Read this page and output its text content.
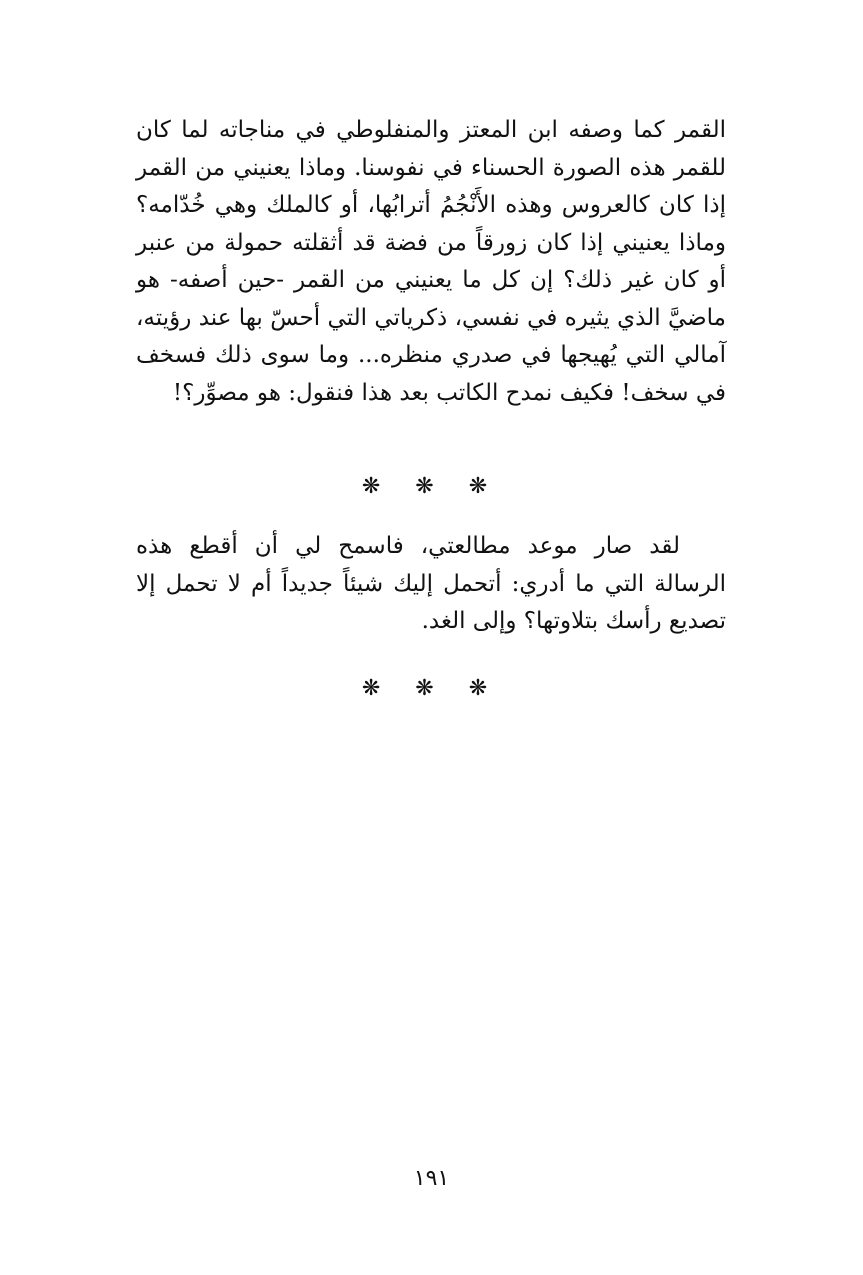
القمر كما وصفه ابن المعتز والمنفلوطي في مناجاته لما كان للقمر هذه الصورة الحسناء في نفوسنا. وماذا يعنيني من القمر إذا كان كالعروس وهذه الأَنْجُمُ أترابُها، أو كالملك وهي خُدّامه؟ وماذا يعنيني إذا كان زورقاً من فضة قد أثقلته حمولة من عنبر أو كان غير ذلك؟ إن كل ما يعنيني من القمر -حين أصفه- هو ماضيَّ الذي يثيره في نفسي، ذكرياتي التي أحسّ بها عند رؤيته، آمالي التي يُهيجها في صدري منظره... وما سوى ذلك فسخف في سخف! فكيف نمدح الكاتب بعد هذا فنقول: هو مصوِّر؟!

❋ ❋ ❋

لقد صار موعد مطالعتي، فاسمح لي أن أقطع هذه الرسالة التي ما أدري: أتحمل إليك شيئاً جديداً أم لا تحمل إلا تصديع رأسك بتلاوتها؟ وإلى الغد.

❋ ❋ ❋

١٩١
